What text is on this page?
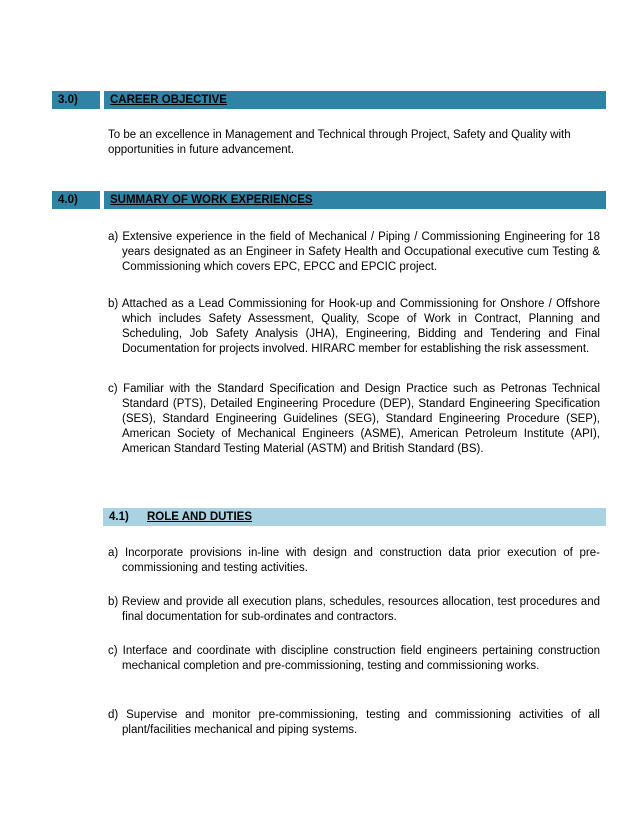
3.0)	CAREER OBJECTIVE
To be an excellence in Management and Technical through Project, Safety and Quality with opportunities in future advancement.
4.0)	SUMMARY OF WORK EXPERIENCES
a) Extensive experience in the field of Mechanical / Piping / Commissioning Engineering for 18 years designated as an Engineer in Safety Health and Occupational executive cum Testing & Commissioning which covers EPC, EPCC and EPCIC project.
b) Attached as a Lead Commissioning for Hook-up and Commissioning for Onshore / Offshore which includes Safety Assessment, Quality, Scope of Work in Contract, Planning and Scheduling, Job Safety Analysis (JHA), Engineering, Bidding and Tendering and Final Documentation for projects involved. HIRARC member for establishing the risk assessment.
c) Familiar with the Standard Specification and Design Practice such as Petronas Technical Standard (PTS), Detailed Engineering Procedure (DEP), Standard Engineering Specification (SES), Standard Engineering Guidelines (SEG), Standard Engineering Procedure (SEP), American Society of Mechanical Engineers (ASME), American Petroleum Institute (API), American Standard Testing Material (ASTM) and British Standard (BS).
4.1)	ROLE AND DUTIES
a) Incorporate provisions in-line with design and construction data prior execution of pre-commissioning and testing activities.
b) Review and provide all execution plans, schedules, resources allocation, test procedures and final documentation for sub-ordinates and contractors.
c) Interface and coordinate with discipline construction field engineers pertaining construction mechanical completion and pre-commissioning, testing and commissioning works.
d) Supervise and monitor pre-commissioning, testing and commissioning activities of all plant/facilities mechanical and piping systems.
